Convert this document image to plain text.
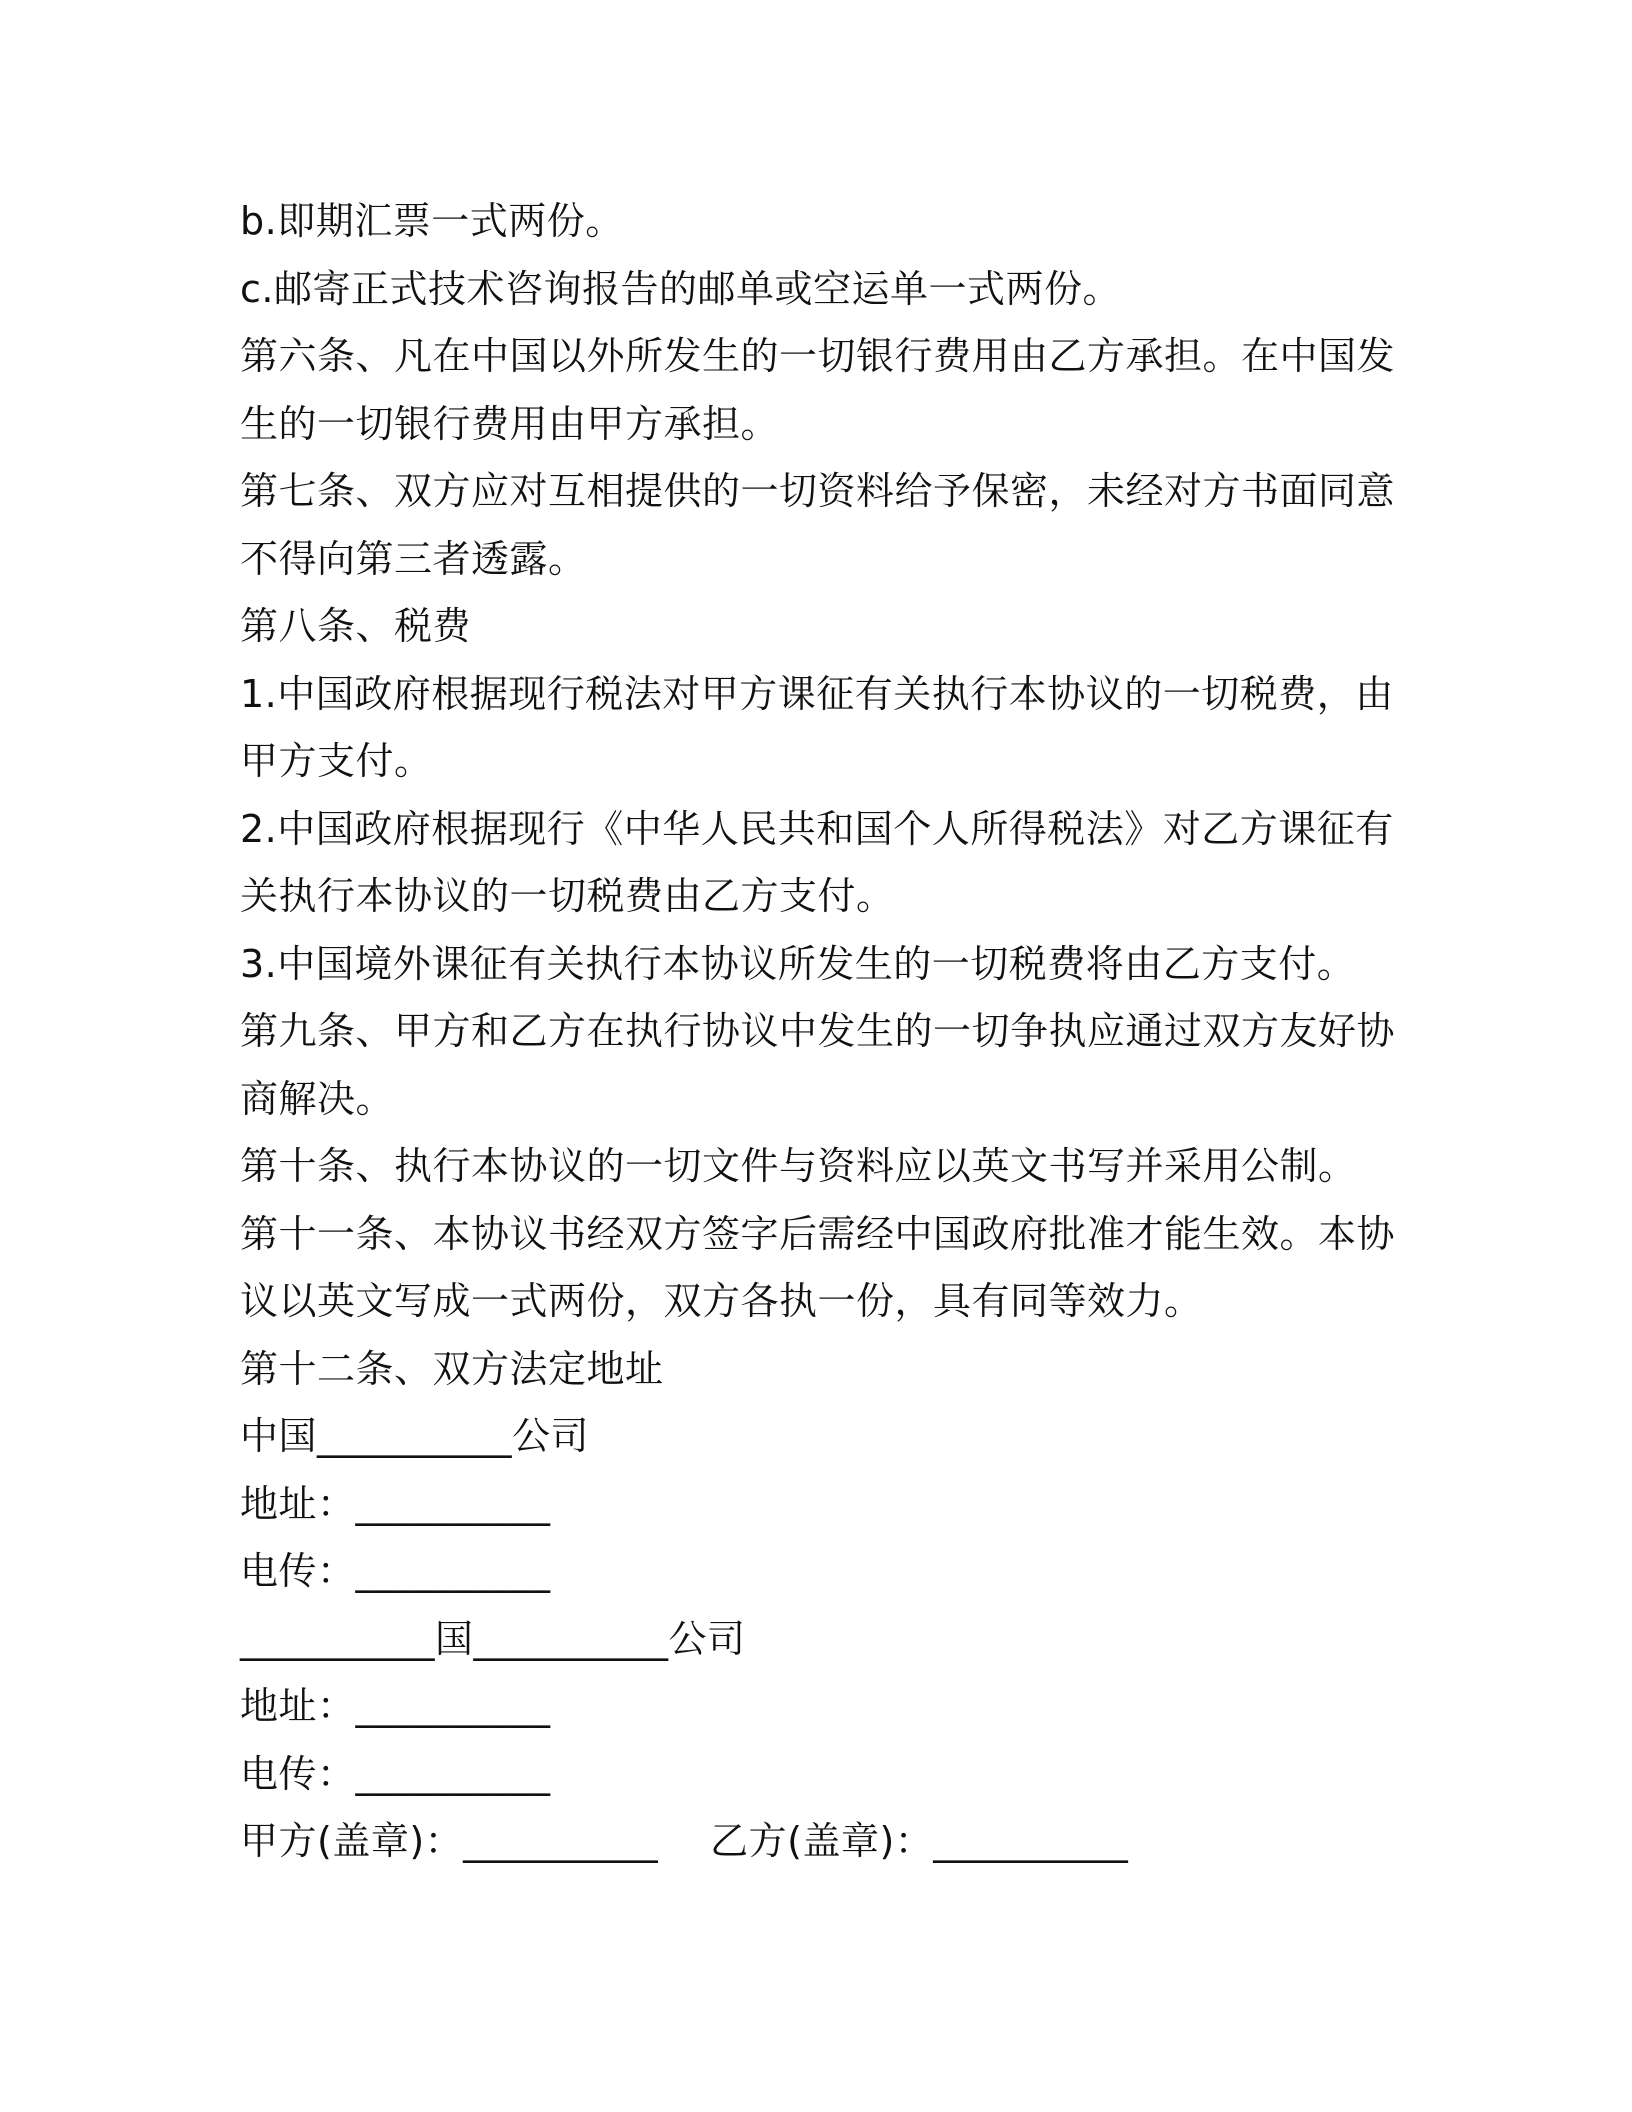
b.即期汇票一式两份。
c.邮寄正式技术咨询报告的邮单或空运单一式两份。
第六条、凡在中国以外所发生的一切银行费用由乙方承担。在中国发
生的一切银行费用由甲方承担。
第七条、双方应对互相提供的一切资料给予保密，未经对方书面同意
不得向第三者透露。
第八条、税费
1.中国政府根据现行税法对甲方课征有关执行本协议的一切税费，由
甲方支付。
2.中国政府根据现行《中华人民共和国个人所得税法》对乙方课征有
关执行本协议的一切税费由乙方支付。
3.中国境外课征有关执行本协议所发生的一切税费将由乙方支付。
第九条、甲方和乙方在执行协议中发生的一切争执应通过双方友好协
商解决。
第十条、执行本协议的一切文件与资料应以英文书写并采用公制。
第十一条、本协议书经双方签字后需经中国政府批准才能生效。本协
议以英文写成一式两份，双方各执一份，具有同等效力。
第十二条、双方法定地址
中国__________公司
地址：__________
电传：__________
__________国__________公司
地址：__________
电传：__________
甲方(盖章)：__________ 乙方(盖章)：__________
